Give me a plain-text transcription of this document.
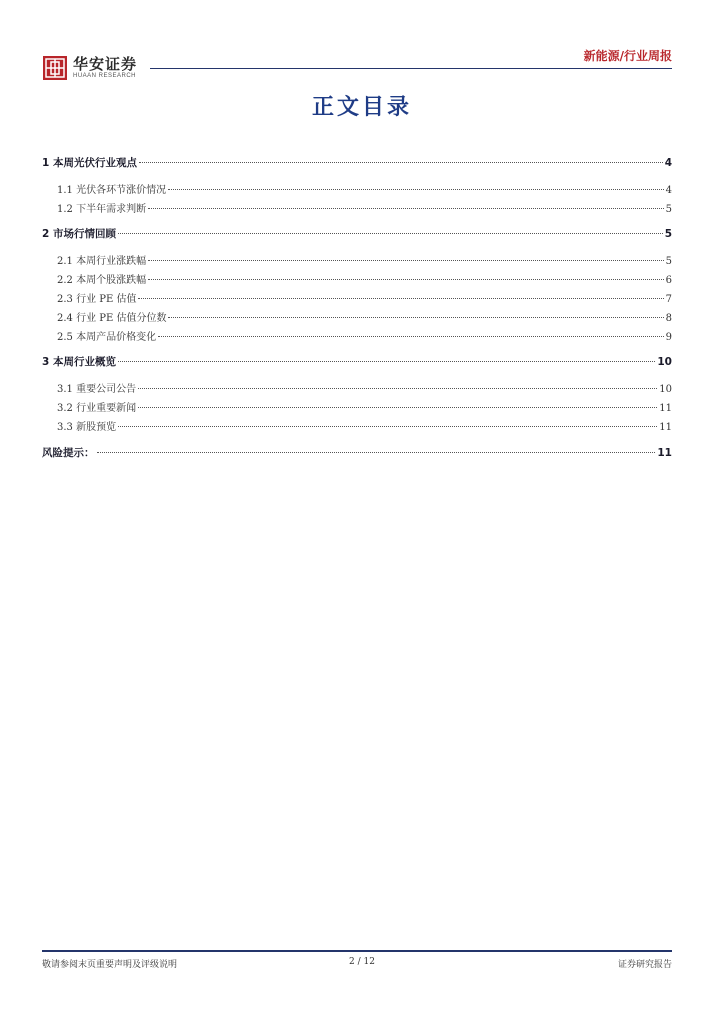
华安证券
HUAAN RESEARCH
新能源/行业周报
正文目录
1 本周光伏行业观点	4
1.1 光伏各环节涨价情况	4
1.2 下半年需求判断	5
2 市场行情回顾	5
2.1 本周行业涨跌幅	5
2.2 本周个股涨跌幅	6
2.3 行业 PE 估值	7
2.4 行业 PE 估值分位数	8
2.5 本周产品价格变化	9
3 本周行业概览	10
3.1 重要公司公告	10
3.2 行业重要新闻	11
3.3 新股预览	11
风险提示：	11
敬请参阅末页重要声明及评级说明	2 / 12	证券研究报告
